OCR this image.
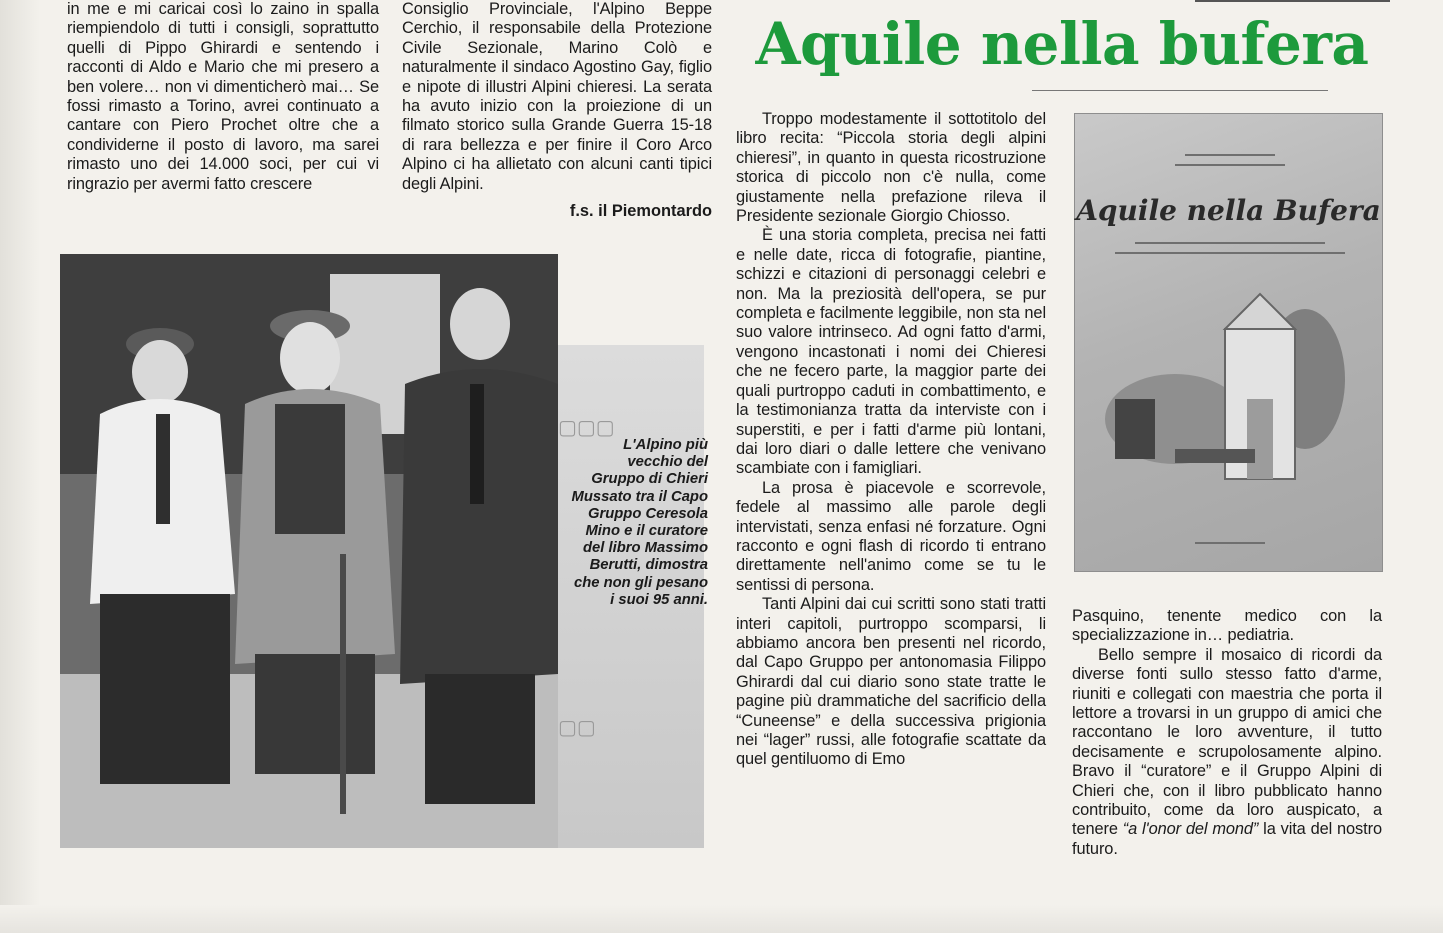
in me e mi caricai così lo zaino in spalla riempiendolo di tutti i consigli, soprattutto quelli di Pippo Ghirardi e sentendo i racconti di Aldo e Mario che mi presero a ben volere… non vi dimenticherò mai… Se fossi rimasto a Torino, avrei continuato a cantare con Piero Prochet oltre che a condividerne il posto di lavoro, ma sarei rimasto uno dei 14.000 soci, per cui vi ringrazio per avermi fatto crescere

Consiglio Provinciale, l'Alpino Beppe Cerchio, il responsabile della Protezione Civile Sezionale, Marino Colò e naturalmente il sindaco Agostino Gay, figlio e nipote di illustri Alpini chieresi. La serata ha avuto inizio con la proiezione di un filmato storico sulla Grande Guerra 15-18 di rara bellezza e per finire il Coro Arco Alpino ci ha allietato con alcuni canti tipici degli Alpini.

f.s. il Piemontardo
▢▢▢
▢▢

L'Alpino più vecchio del Gruppo di Chieri Mussato tra il Capo Gruppo Ceresola Mino e il curatore del libro Massimo Berutti, dimostra che non gli pesano i suoi 95 anni.

Aquile nella bufera

Troppo modestamente il sottotitolo del libro recita: “Piccola storia degli alpini chieresi”, in quanto in questa ricostruzione storica di piccolo non c'è nulla, come giustamente nella prefazione rileva il Presidente sezionale Giorgio Chiosso.

È una storia completa, precisa nei fatti e nelle date, ricca di fotografie, piantine, schizzi e citazioni di personaggi celebri e non. Ma la preziosità dell'opera, se pur completa e facilmente leggibile, non sta nel suo valore intrinseco. Ad ogni fatto d'armi, vengono incastonati i nomi dei Chieresi che ne fecero parte, la maggior parte dei quali purtroppo caduti in combattimento, e la testimonianza tratta da interviste con i superstiti, e per i fatti d'arme più lontani, dai loro diari o dalle lettere che venivano scambiate con i famigliari.

La prosa è piacevole e scorrevole, fedele al massimo alle parole degli intervistati, senza enfasi né forzature. Ogni racconto e ogni flash di ricordo ti entrano direttamente nell'animo come se tu le sentissi di persona.

Tanti Alpini dai cui scritti sono stati tratti interi capitoli, purtroppo scomparsi, li abbiamo ancora ben presenti nel ricordo, dal Capo Gruppo per antonomasia Filippo Ghirardi dal cui diario sono state tratte le pagine più drammatiche del sacrificio della “Cuneense” e della successiva prigionia nei “lager” russi, alle fotografie scattate da quel gentiluomo di Emo

Aquile nella Bufera

Pasquino, tenente medico con la specializzazione in… pediatria.

Bello sempre il mosaico di ricordi da diverse fonti sullo stesso fatto d'arme, riuniti e collegati con maestria che porta il lettore a trovarsi in un gruppo di amici che raccontano le loro avventure, il tutto decisamente e scrupolosamente alpino. Bravo il “curatore” e il Gruppo Alpini di Chieri che, con il libro pubblicato hanno contribuito, come da loro auspicato, a tenere “a l'onor del mond” la vita del nostro futuro.
